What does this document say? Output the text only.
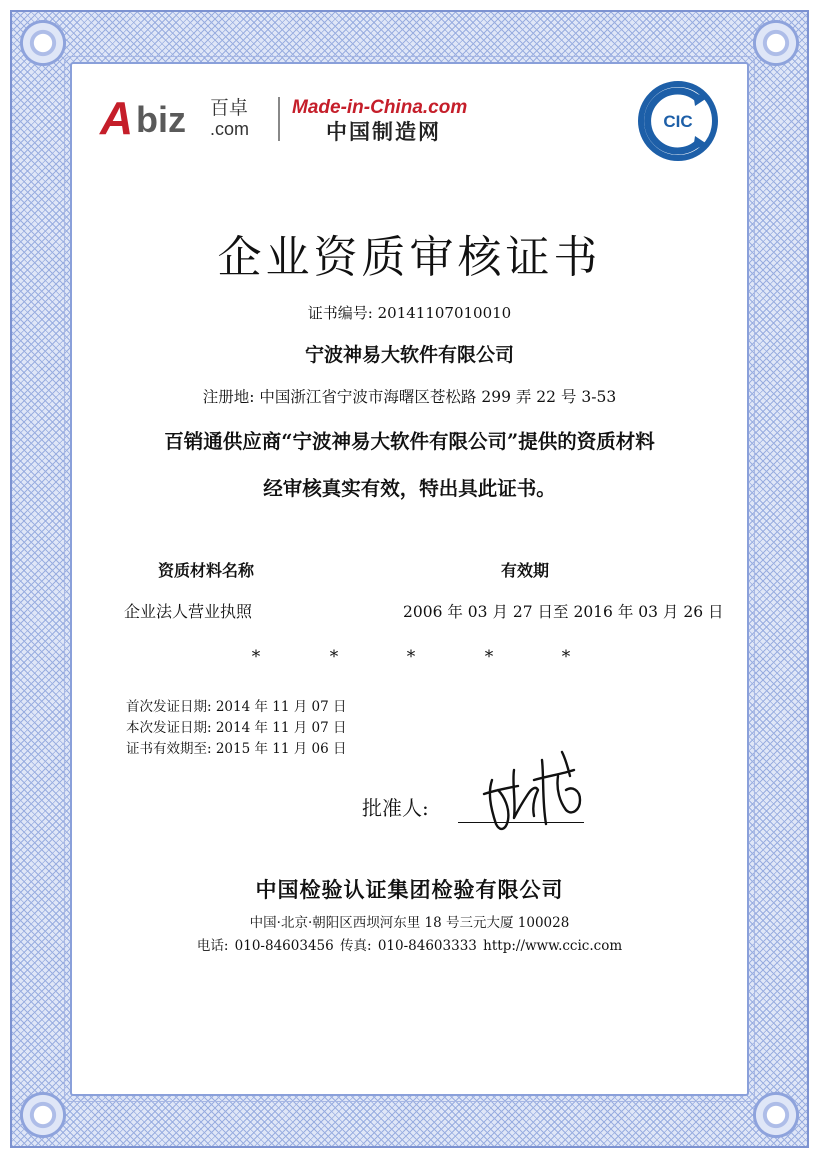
A biz 百卓
.com
Made-in-China.com
中国制造网	CIC
企业资质审核证书
证书编号: 20141107010010
宁波神易大软件有限公司
注册地: 中国浙江省宁波市海曙区苍松路 299 弄 22 号 3-53
百销通供应商“宁波神易大软件有限公司”提供的资质材料
经审核真实有效，特出具此证书。
资质材料名称	有效期
企业法人营业执照	2006 年 03 月 27 日至 2016 年 03 月 26 日
*	*	*	*	*
首次发证日期: 2014 年 11 月 07 日
本次发证日期: 2014 年 11 月 07 日
证书有效期至: 2015 年 11 月 06 日
批准人:
中国检验认证集团检验有限公司
中国·北京·朝阳区西坝河东里 18 号三元大厦 100028
电话: 010-84603456 传真: 010-84603333 http://www.ccic.com
